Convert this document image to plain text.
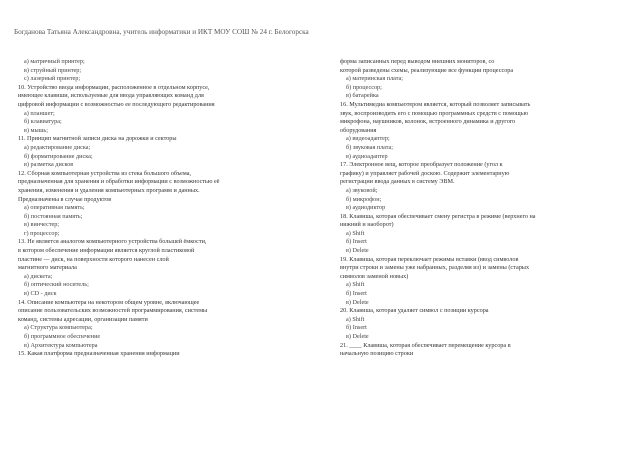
Богданова Татьяна Александровна, учитель информатики и ИКТ МОУ СОШ № 24 г. Белогорска
а) матричный принтер;
в) струйный принтер;
с) лазерный принтер;
10. Устройство ввода информации, расположенное в отдельном корпусе,
имеющее клавиши, используемые для ввода управляющих команд для
цифровой информации с возможностью ее последующего редактирования
а) планшет;
б) клавиатура;
в) мышь;
11. Принцип магнитной записи диска на дорожки и секторы
а) редактирование диска;
б) форматирование диска;
в) разметка дисков
12. Сборная компьютерная устройства из стека большого объема,
предназначенная для хранения и обработки информации с возможностью её
хранения, изменения и удаления компьютерных программ и данных.
Предназначены в случае продуктов
а) оперативная память;
б) постоянная память;
в) винчестер;
г) процессор;
13. Не является аналогом компьютерного устройства большей ёмкости,
в котором обеспечение информации является круглой пластиковой
пластине — диск, на поверхности которого нанесен слой
магнитного материала
а) дискета;
б) оптический носитель;
в) CD - диск
14. Описание компьютера на некотором общем уровне, включающее
описание пользовательских возможностей программирования, системы
команд, системы адресации, организации памяти
а) Структура компьютера;
б) программное обеспечение
в) Архитектура компьютера
15. Какая платформа предназначенная хранения информации
форма записанных перед выводом внешних мониторов, со
которой разведены схемы, реализующие все функции процессора
а) материнская плата;
б) процессор;
в) батарейка
16. Мультимедиа компьютером является, который позволяет записывать
звук, воспроизводить его с помощью программных средств с помощью
микрофона, наушников, колонок, встроенного динамика и другого
оборудования
а) видеоадаптер;
б) звуковая плата;
в) аудиоадаптер
17. Электронное вещ, которое преобразует положение (угол к
графику) и управляет рабочей доскою. Содержит элементарную
регистрации ввода данных в систему ЭВМ.
а) звуковой;
б) микрофон;
в) аудиодиктор
18. Клавиша, которая обеспечивает смену регистра в режиме (верхнего на
нижний и наоборот)
а) Shift
б) Insert
в) Delete
19. Клавиша, которая переключает режимы вставки (ввод символов
внутри строки и замены уже набранных, разделяя из) и замены (старых
символов заменой новых)
а) Shift
б) Insert
в) Delete
20. Клавиша, которая удаляет символ с позиции курсора
а) Shift
б) Insert
в) Delete
21. ____ Клавиша, которая обеспечивает перемещение курсора в
начальную позицию строки
